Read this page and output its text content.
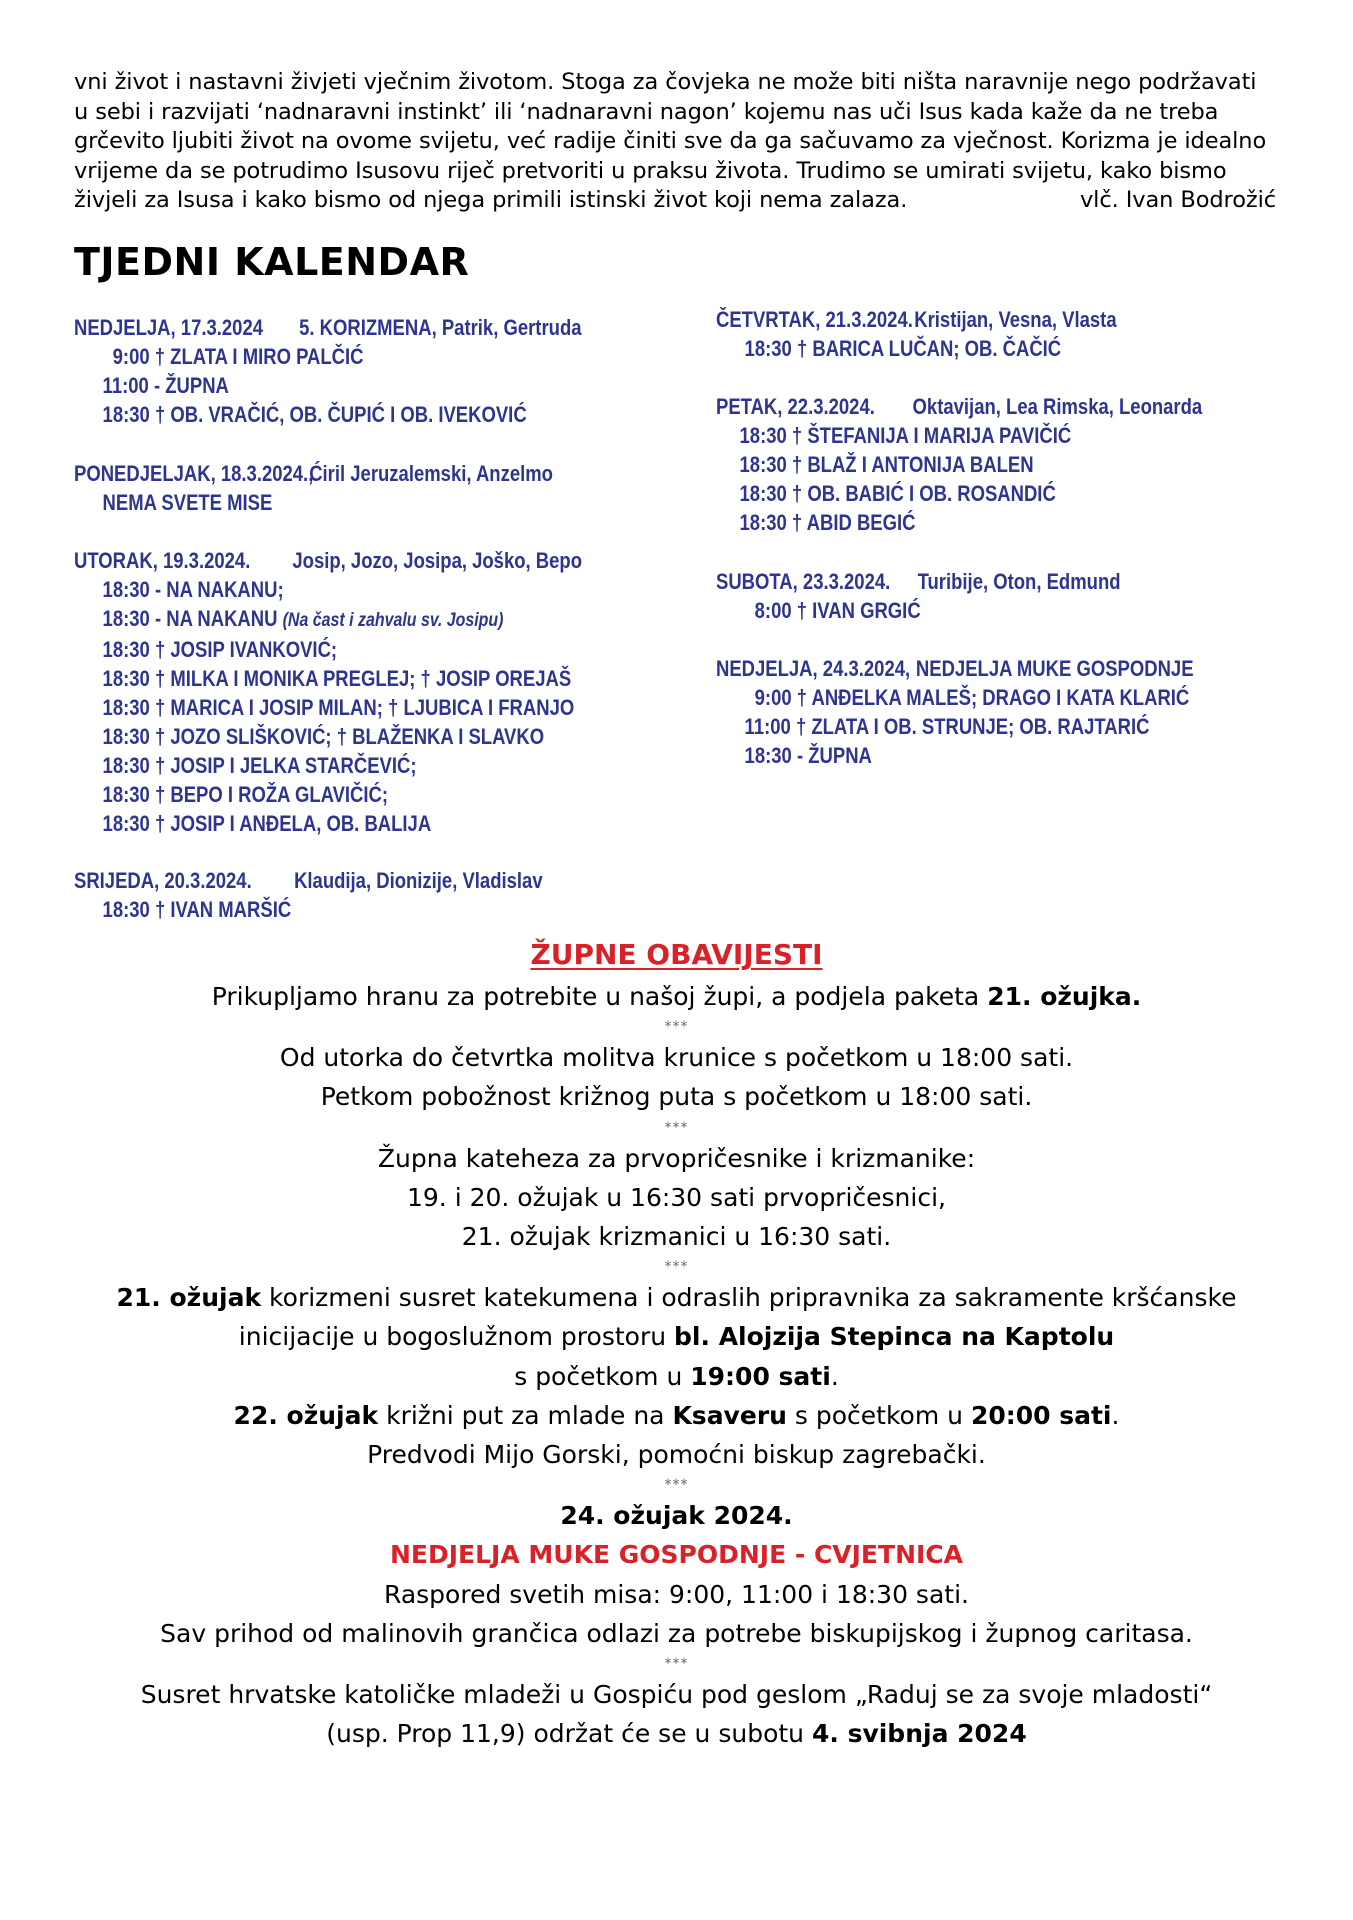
vni život i nastavni živjeti vječnim životom. Stoga za čovjeka ne može biti ništa naravnije nego podržavati
u sebi i razvijati ‘nadnaravni instinkt’ ili ‘nadnaravni nagon’ kojemu nas uči Isus kada kaže da ne treba
grčevito ljubiti život na ovome svijetu, već radije činiti sve da ga sačuvamo za vječnost. Korizma je idealno
vrijeme da se potrudimo Isusovu riječ pretvoriti u praksu života. Trudimo se umirati svijetu, kako bismo
živjeli za Isusa i kako bismo od njega primili istinski život koji nema zalaza.	vlč. Ivan Bodrožić
TJEDNI KALENDAR
NEDJELJA, 17.3.2024 5. KORIZMENA, Patrik, Gertruda
9:00 † ZLATA I MIRO PALČIĆ
11:00 - ŽUPNA
18:30 † OB. VRAČIĆ, OB. ČUPIĆ I OB. IVEKOVIĆ
PONEDJELJAK, 18.3.2024.,
Ćiril Jeruzalemski, Anzelmo
NEMA SVETE MISE
UTORAK, 19.3.2024. Josip, Jozo, Josipa, Joško, Bepo
18:30 - NA NAKANU;
18:30 - NA NAKANU (Na čast i zahvalu sv. Josipu)
18:30 † JOSIP IVANKOVIĆ;
18:30 † MILKA I MONIKA PREGLEJ; † JOSIP OREJAŠ
18:30 † MARICA I JOSIP MILAN; † LJUBICA I FRANJO
18:30 † JOZO SLIŠKOVIĆ; † BLAŽENKA I SLAVKO
18:30 † JOSIP I JELKA STARČEVIĆ;
18:30 † BEPO I ROŽA GLAVIČIĆ;
18:30 † JOSIP I ANĐELA, OB. BALIJA
SRIJEDA, 20.3.2024. Klaudija, Dionizije, Vladislav
18:30 † IVAN MARŠIĆ
ČETVRTAK, 21.3.2024. Kristijan, Vesna, Vlasta
18:30 † BARICA LUČAN; OB. ČAČIĆ
PETAK, 22.3.2024. Oktavijan, Lea Rimska, Leonarda
18:30 † ŠTEFANIJA I MARIJA PAVIČIĆ
18:30 † BLAŽ I ANTONIJA BALEN
18:30 † OB. BABIĆ I OB. ROSANDIĆ
18:30 † ABID BEGIĆ
SUBOTA, 23.3.2024. Turibije, Oton, Edmund
8:00 † IVAN GRGIĆ
NEDJELJA, 24.3.2024, NEDJELJA MUKE GOSPODNJE
9:00 † ANĐELKA MALEŠ; DRAGO I KATA KLARIĆ
11:00 † ZLATA I OB. STRUNJE; OB. RAJTARIĆ
18:30 - ŽUPNA
ŽUPNE OBAVIJESTI

Prikupljamo hranu za potrebite u našoj župi, a podjela paketa 21. ožujka.

***

Od utorka do četvrtka molitva krunice s početkom u 18:00 sati.

Petkom pobožnost križnog puta s početkom u 18:00 sati.

***

Župna kateheza za prvopričesnike i krizmanike:

19. i 20. ožujak u 16:30 sati prvopričesnici,

21. ožujak krizmanici u 16:30 sati.

***

21. ožujak korizmeni susret katekumena i odraslih pripravnika za sakramente kršćanske

inicijacije u bogoslužnom prostoru bl. Alojzija Stepinca na Kaptolu

s početkom u 19:00 sati.

22. ožujak križni put za mlade na Ksaveru s početkom u 20:00 sati.

Predvodi Mijo Gorski, pomoćni biskup zagrebački.

***

24. ožujak 2024.

NEDJELJA MUKE GOSPODNJE - CVJETNICA

Raspored svetih misa: 9:00, 11:00 i 18:30 sati.

Sav prihod od malinovih grančica odlazi za potrebe biskupijskog i župnog caritasa.

***

Susret hrvatske katoličke mladeži u Gospiću pod geslom „Raduj se za svoje mladosti“

(usp. Prop 11,9) održat će se u subotu 4. svibnja 2024
